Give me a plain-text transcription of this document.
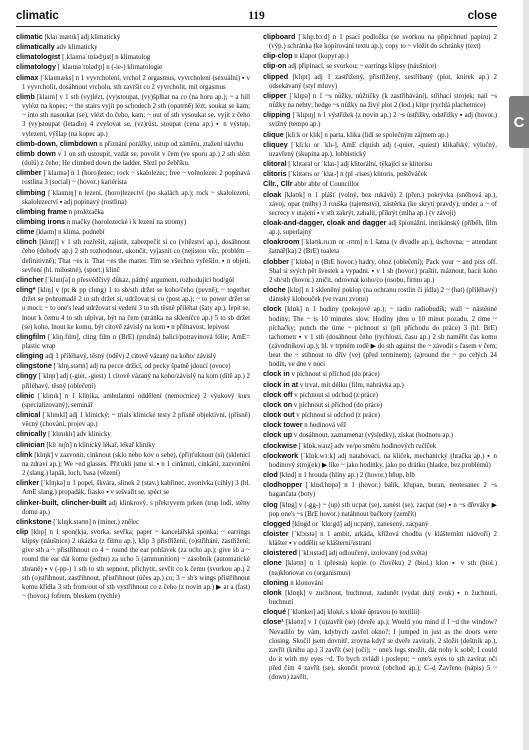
C
climatic	119	close

climatic [klaɪˈmætɪk] adj klimatický

climatically adv klimaticky

climatologist [ˌklaɪməˈtɒlədʒɪst] n klimatolog

climatology [ˌklaɪməˈtɒlədʒɪ] n (-ie-) klimatologie

climax [ˈklaɪmæks] n 1 vyvrcholení, vrchol 2 orgasmus, vyvrcholení (sexuální) ▪ v 1 vyvrcholit, dosáhnout vrcholu, sth završit co 2 vyvrcholit, mít orgasmus

climb [klaɪm] v 1 sth (vy)lézt, (vy)stoupat, (vy)šplhat na co (na horu ap.); ~ a hill vylézt na kopec; ~ the stairs vyjít po schodech 2 sth (opatrně) lézt, soukat se kam; ~ into sth nasoukat (se), vlézt do čeho, kam; ~ out of sth vysoukat se, vyjít z čeho 3 (vy)stoupat (letadlo) 4 zvyšovat se, (vz)růst, stoupat (cena ap.) ▪ n výstup, vylezení, výšlap (na kopec ap.)

climb-down, climbdown n přiznání porážky, ustup od záměru, ztažení návrhu

climb down v 1 on sth ustoupit, vzdát se, povolit v čem (ve sporu ap.) 2 sth slézt (dolů) z čeho; He climbed down the ladder. Slezl po žebříku.

climber [ˈklaɪmə] n 1 (horo)lezec; rock ~ skalolezec; free ~ volnolezec 2 popínavá rostlina 3 (social) ~ (hovor.) kariérista

climbing [ˈklaɪmɪŋ] n lezení, (horo)lezectví (po skalách ap.); rock ~ skalolezení, skalolezectví ▪ adj popínavý (rostlina)

climbing frame n prolézačka

climbing irons n mačky (horolezecké i k lezení na stromy)

clime [klaɪm] n klima, podnebí

clinch [klɪntʃ] v 1 sth rozřešit, zajistit, zabezpečit si co (vítězství ap.), dosáhnout čeho (dohody ap.) 2 sth rozhodnout, ukončit, vyjasnit co (nejistou věc, problém – definitivně); That ~es it. That ~es the matter. Tím se všechno vyřešilo. ▪ n objetí, sevření (hl. milostné), (sport.) klinč

clincher [ˈklɪntʃə] n přesvědčivý důkaz, pádný argument, rozhodující bod/gól

cling* [klɪŋ] v (pt & pp clung) 1 to sb/sth držet se koho/čeho (pevně); ~ together držet se pohromadě 2 to sth držet si, udržovat si co (post ap.); ~ to power držet se u moci; ~ to one's lead udržovat si vedení 3 to sth těsně přiléhat (šaty ap.), lepit se, lnout k čemu 4 to sth ulpívat, být na čem (stránka na skleničce ap.) 5 to sb držet (se) koho, lnout ke komu, být citově závislý na kom ▪ n přilnavost, lepivost

clingfilm [ˈklɪŋ.fɪlm], cling film n (BrE) (pružná) balicí/potravinová fólie; AmE= plastic wrap

clinging adj 1 přiléhavý, těsný (oděv) 2 citově vázaný na koho/ závislý

clingstone [ˈklɪŋ.stəʊn] adj na pecce držící, od pecky špatně jdoucí (ovoce)

clingy [ˈklɪŋɪ] adj (-gier, -giest) 1 citově vázaný na koho/závislý na kom (dítě ap.) 2 přiléhavý, těsný (oblečení)

clinic [ˈklɪnɪk] n 1 klinika, ambulantní oddělení (nemocnice) 2 výukový kurs (specializovaný), seminář

clinical [ˈklɪnɪkl] adj 1 klinický; ~ trials klinické testy 2 přísně objektivní, (přísně) věcný (chování, projev ap.)

clinically [ˈklɪnɪklɪ] adv klinicky

clinician [klɪˈnɪʃn] n klinický lékař, lékař kliniky

clink [klɪŋk] v zazvonit, cinknout (sklo nebo kov o sebe), (při)ťuknout (si) (sklenicí na zdraví ap.); We ~ed glasses. Přiťukli jsme si. ▪ n 1 cinknutí, cinkání, zazvonění 2 (slang.) lapák, loch, basa (vězení)

clinker [ˈklɪŋkə] n 1 popel, škvára, slinek 2 (stav.) kabřinec, zvonivka (cihly) 3 (hl. AmE slang.) propadák, fiasko ▪ v sešvařit se, spéct se

clinker-built, clincher-built adj klinkrový, s překryvem prken (trup lodi, stěny domu ap.)

clinkstone [ˈklɪŋk.stəʊn] n (miner.) znělec

clip [klɪp] n 1 spon(k)a, svorka, sevřka; paper ~ kancelářská sponka; ~ earrings klipsy (náušnice) 2 ukázka (z filmu ap.), klip 3 přistřižení, (o)střihání, zastřižení; give sth a ~ přistřihnout co 4 ~ round the ear pohlavek (za ucho ap.); give sb a ~ round the ear dát komu (jednu) za ucho 5 (ammunition) ~ zásobník (automatické zbraně) ▪ v (-pp-) 1 sth to sth sepnout, přichytit, sevřít co k čemu (svorkou ap.) 2 sth (o)střihnout, zastřihnout, přistřihnout (účes ap.) co; 3 ~ sb's wings přistřihnout komu křídla 3 sth from/out of sth vystřihnout co z čeho (z novin ap.) ▶ at a (fast) ~ (hovor.) fofrem, bleskem (rychle)

clipboard [ˈklɪp.bɔːd] n 1 psací podložka (se svorkou na připíchnutí papíru) 2 (výp.) schránka (ke kopírování textu ap.); copy to ~ vložit do schránky (text)

clip-clop n klapot (kopyt ap.)

clip-on adj připínací, se svorkou; ~ earrings klipsy (náušnice)

clipped [klɪpt] adj 1 zastřižený, přistřižený, sestřihaný (plot, knírek ap.) 2 odsekávaný (styl mluvy)

clipper [ˈklɪpə] n 1 ~s nůžky, nůžtičky (k zastřihávání), střihací strojek; nail ~s nůžky na nehty; hedge ~s nůžky na živý plot 2 (lod.) klipr (rychlá plachetnice)

clipping [ˈklɪpɪŋ] n 1 výstřižek (z novin ap.) 2 ~s ústřižky, odstřižky ▪ adj (hovor.) svižný (tempo ap.)

clique [kliːk or klɪk] n parta, klika (lidí se společným zájmem ap.)

cliquey [ˈkliːkɪ or ˈklɪ-], AmE clquish adj (-quier, -quiest) klikařský, výlučný, uzavřený (skupina ap.), lobbistický

clitoral [ˈklɪtərəl or ˈklaɪ-] adj klitorální, týkající se klitorisu

clitoris [ˈklɪtərɪs or ˈklaɪ-] n (pl -rises) klitoris, poštěváček

Cllr., Cllr abbr abbr of Councillor

cloak [kləʊk] n 1 plášť (volný, bez rukávů) 2 (přen.) pokrývka (sněhová ap.), závoj, opar (mlhy) 3 rouška (tajemství), zástěrka (ke skrytí pravdy); under a ~ of secrecy v utajení ▪ v sth zakrýt, zahalit, příkrýt (mlha ap.) (v závoji)

cloak-and-dagger, cloak and dagger adj špionážní, intrikánský (příběh, film ap.), superlajný

cloakroom [ˈkləʊk.ruːm or -rʊm] n 1 šatna (v divadle ap.), úschovna; ~ attendant šatnář(ka) 2 (BrE) toaleta

clobber [ˈklɒbə] n (BrE hovor.) hadry, ohoz (oblečení); Pack your ~ and piss off. Sbal si svých pět švestek a vypadni. ▪ v 1 sb (hovor.) praštit, máznout, bacit koho 2 sb/sth (hovor.) zničit, odrovnat koho/co (osobu, firmu ap.)

cloche [klɒʃ] n 1 skleněný poklop (na ochranu rostlin či jídla) 2 ~ (hat) (přiléhavý) dámský klobouček (ve tvaru zvonu)

clock [klɒk] n 1 hodiny (pokojové ap.); ~ radio radiobudík; wall ~ nástěnné hodiny; The ~ is 10 minutes slow. Hodiny jdou o 10 minut pozadu. 2 time ~ píchačky; punch the time ~ píchnout si (při příchodu do práce) 3 (hl. BrE) tachometr ▪ v 1 sth (dosáhnout čeho (rychlosti, času ap.) 2 sb naměřit čas komu (závodníkovi ap.); hl. v trpném rodě ▶ do sth against the ~ závodit s časem v čem; beat the ~ stihnout to dřív (ve) (před termínem); (a)round the ~ po celých 24 hodin, ve dne v noci

clock in v píchnout si příchod (do práce)

clock in at v trvat, mít délku (film, nahrávka ap.)

clock off v píchnout si odchod (z práce)

clock on v píchnout si příchod (do práce)

clock out v píchnout si odchod (z práce)

clock tower n hodinová věž

clock up v dosáhnout, zaznamenat (výsledky), získat (hodnotu ap.)

clockwise [ˈklɒk.waɪz] adv ve/po směru hodinových ručiček

clockwork [ˈklɒk.wɜːk] adj natahovací, na klíček, mechanický (hračka ap.) ▪ n hodinový stroj(ek) ▶ like ~ jako hodinky, jako po drátku (hladce, bez problémů)

clod [klɒd] n 1 hrouda (hlíny ap.) 2 (hovor.) hňup, blb

clodhopper [ˈklɒd.hɒpə] n 1 (hovor.) balík, křupan, buran, neotesanec 2 ~s bagančata (boty)

clog [klɒg] v (-gg-) ~ (up) sth ucpat (se), zanést (se), zacpat (se) ▪ n ~s dřeváky ▶ pop one's ~s (BrE hovor.) natáhnout bačkory (zemřít)

clogged [klɒgd or ˈklɑːgd] adj ucpaný, zanesený, zacpaný

cloister [ˈklɔɪstə] n 1 ambit, arkáda, křížová chodba (v klášterním nádvoří) 2 klášter ▪ v oddělit se klášterní/ustraní

cloistered [ˈklɔɪstəd] adj odloučený, izolovaný (od světa)

clone [kləʊn] n 1 (přesná) kopie (o člověku) 2 (biol.) klon ▪ v sth (biol.) (na)klonovat co (organismus)

cloning n klonování

clonk [klɒŋk] v zuchnout, buchnout, zadunět (vydat dutý zvuk) ▪ n žuchnutí, buchnutí

cloqué [ˈkləʊkeɪ] adj kloké, s kloké úpravou (o textilii)

close¹ [kləʊz] v 1 (u)zavřít (se) (dveře ap.); Would you mind if I ~d the window? Nevadilo by vám, kdybych zavřel okno?; I jumped in just as the doors were closing. Skočil jsem dovnitř, zrovna když se dveře zavíraly. 2 složit (deštník ap.), zavřít (knihu ap.) 3 zavřít (se) (oči); ~ one's legs snožit, dát nohy k sobě; I could do it with my eyes ~d. To bych zvládl i poslepu; ~ one's eyes to sth zavírat oči před čím 4 zavřít (se), skončit provoz (obchod ap.); C–d Zavřeno (nápis) 5 ~ (down) zavřít,
